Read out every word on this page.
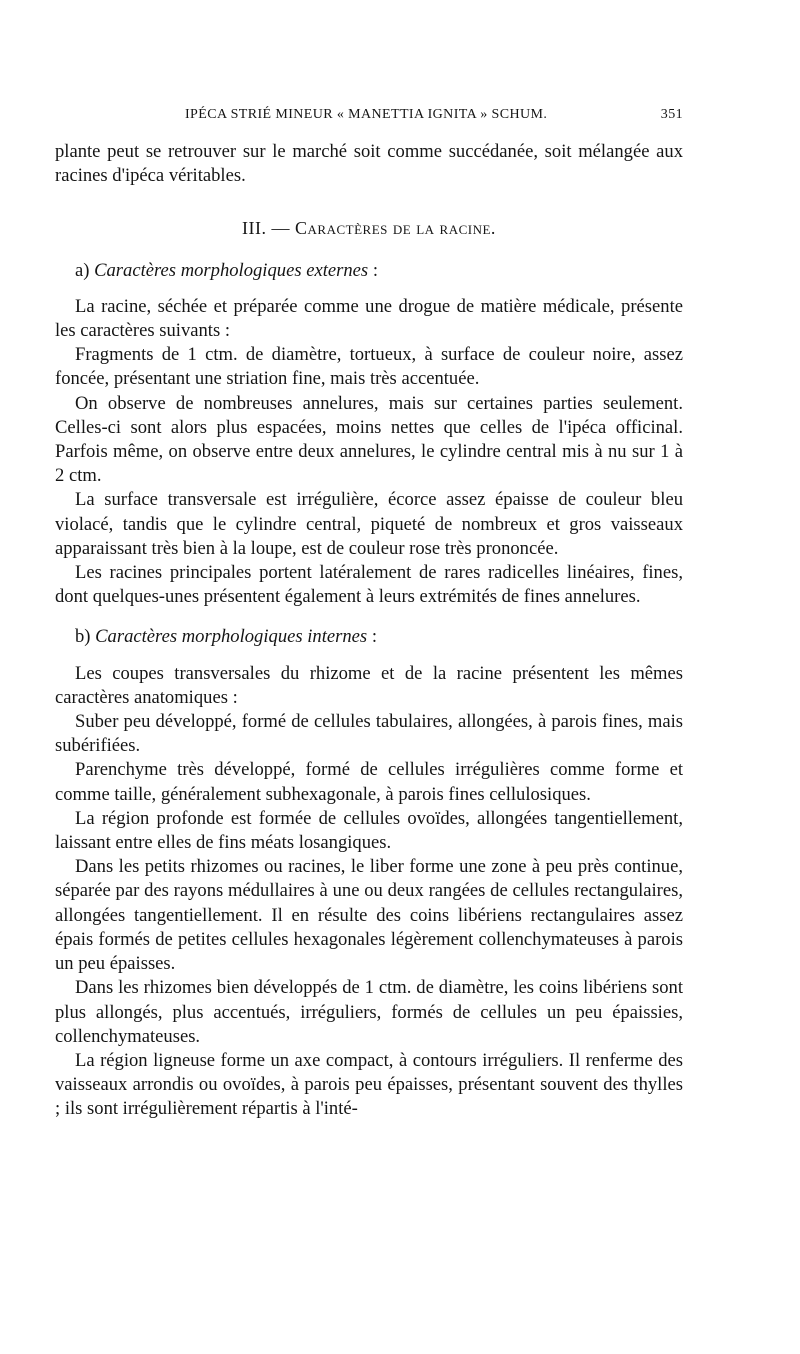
IPÉCA STRIÉ MINEUR « MANETTIA IGNITA » SCHUM.	351

plante peut se retrouver sur le marché soit comme succédanée, soit mélangée aux racines d'ipéca véritables.

III. — Caractères de la racine.
a) Caractères morphologiques externes :

La racine, séchée et préparée comme une drogue de matière médicale, présente les caractères suivants :

Fragments de 1 ctm. de diamètre, tortueux, à surface de couleur noire, assez foncée, présentant une striation fine, mais très accentuée.

On observe de nombreuses annelures, mais sur certaines parties seulement. Celles-ci sont alors plus espacées, moins nettes que celles de l'ipéca officinal. Parfois même, on observe entre deux annelures, le cylindre central mis à nu sur 1 à 2 ctm.

La surface transversale est irrégulière, écorce assez épaisse de couleur bleu violacé, tandis que le cylindre central, piqueté de nombreux et gros vaisseaux apparaissant très bien à la loupe, est de couleur rose très prononcée.

Les racines principales portent latéralement de rares radicelles linéaires, fines, dont quelques-unes présentent également à leurs extrémités de fines annelures.

b) Caractères morphologiques internes :

Les coupes transversales du rhizome et de la racine présentent les mêmes caractères anatomiques :

Suber peu développé, formé de cellules tabulaires, allongées, à parois fines, mais subérifiées.

Parenchyme très développé, formé de cellules irrégulières comme forme et comme taille, généralement subhexagonale, à parois fines cellulosiques.

La région profonde est formée de cellules ovoïdes, allongées tangentiellement, laissant entre elles de fins méats losangiques.

Dans les petits rhizomes ou racines, le liber forme une zone à peu près continue, séparée par des rayons médullaires à une ou deux rangées de cellules rectangulaires, allongées tangentiellement. Il en résulte des coins libériens rectangulaires assez épais formés de petites cellules hexagonales légèrement collenchymateuses à parois un peu épaisses.

Dans les rhizomes bien développés de 1 ctm. de diamètre, les coins libériens sont plus allongés, plus accentués, irréguliers, formés de cellules un peu épaissies, collenchymateuses.

La région ligneuse forme un axe compact, à contours irréguliers. Il renferme des vaisseaux arrondis ou ovoïdes, à parois peu épaisses, présentant souvent des thylles ; ils sont irrégulièrement répartis à l'inté-
